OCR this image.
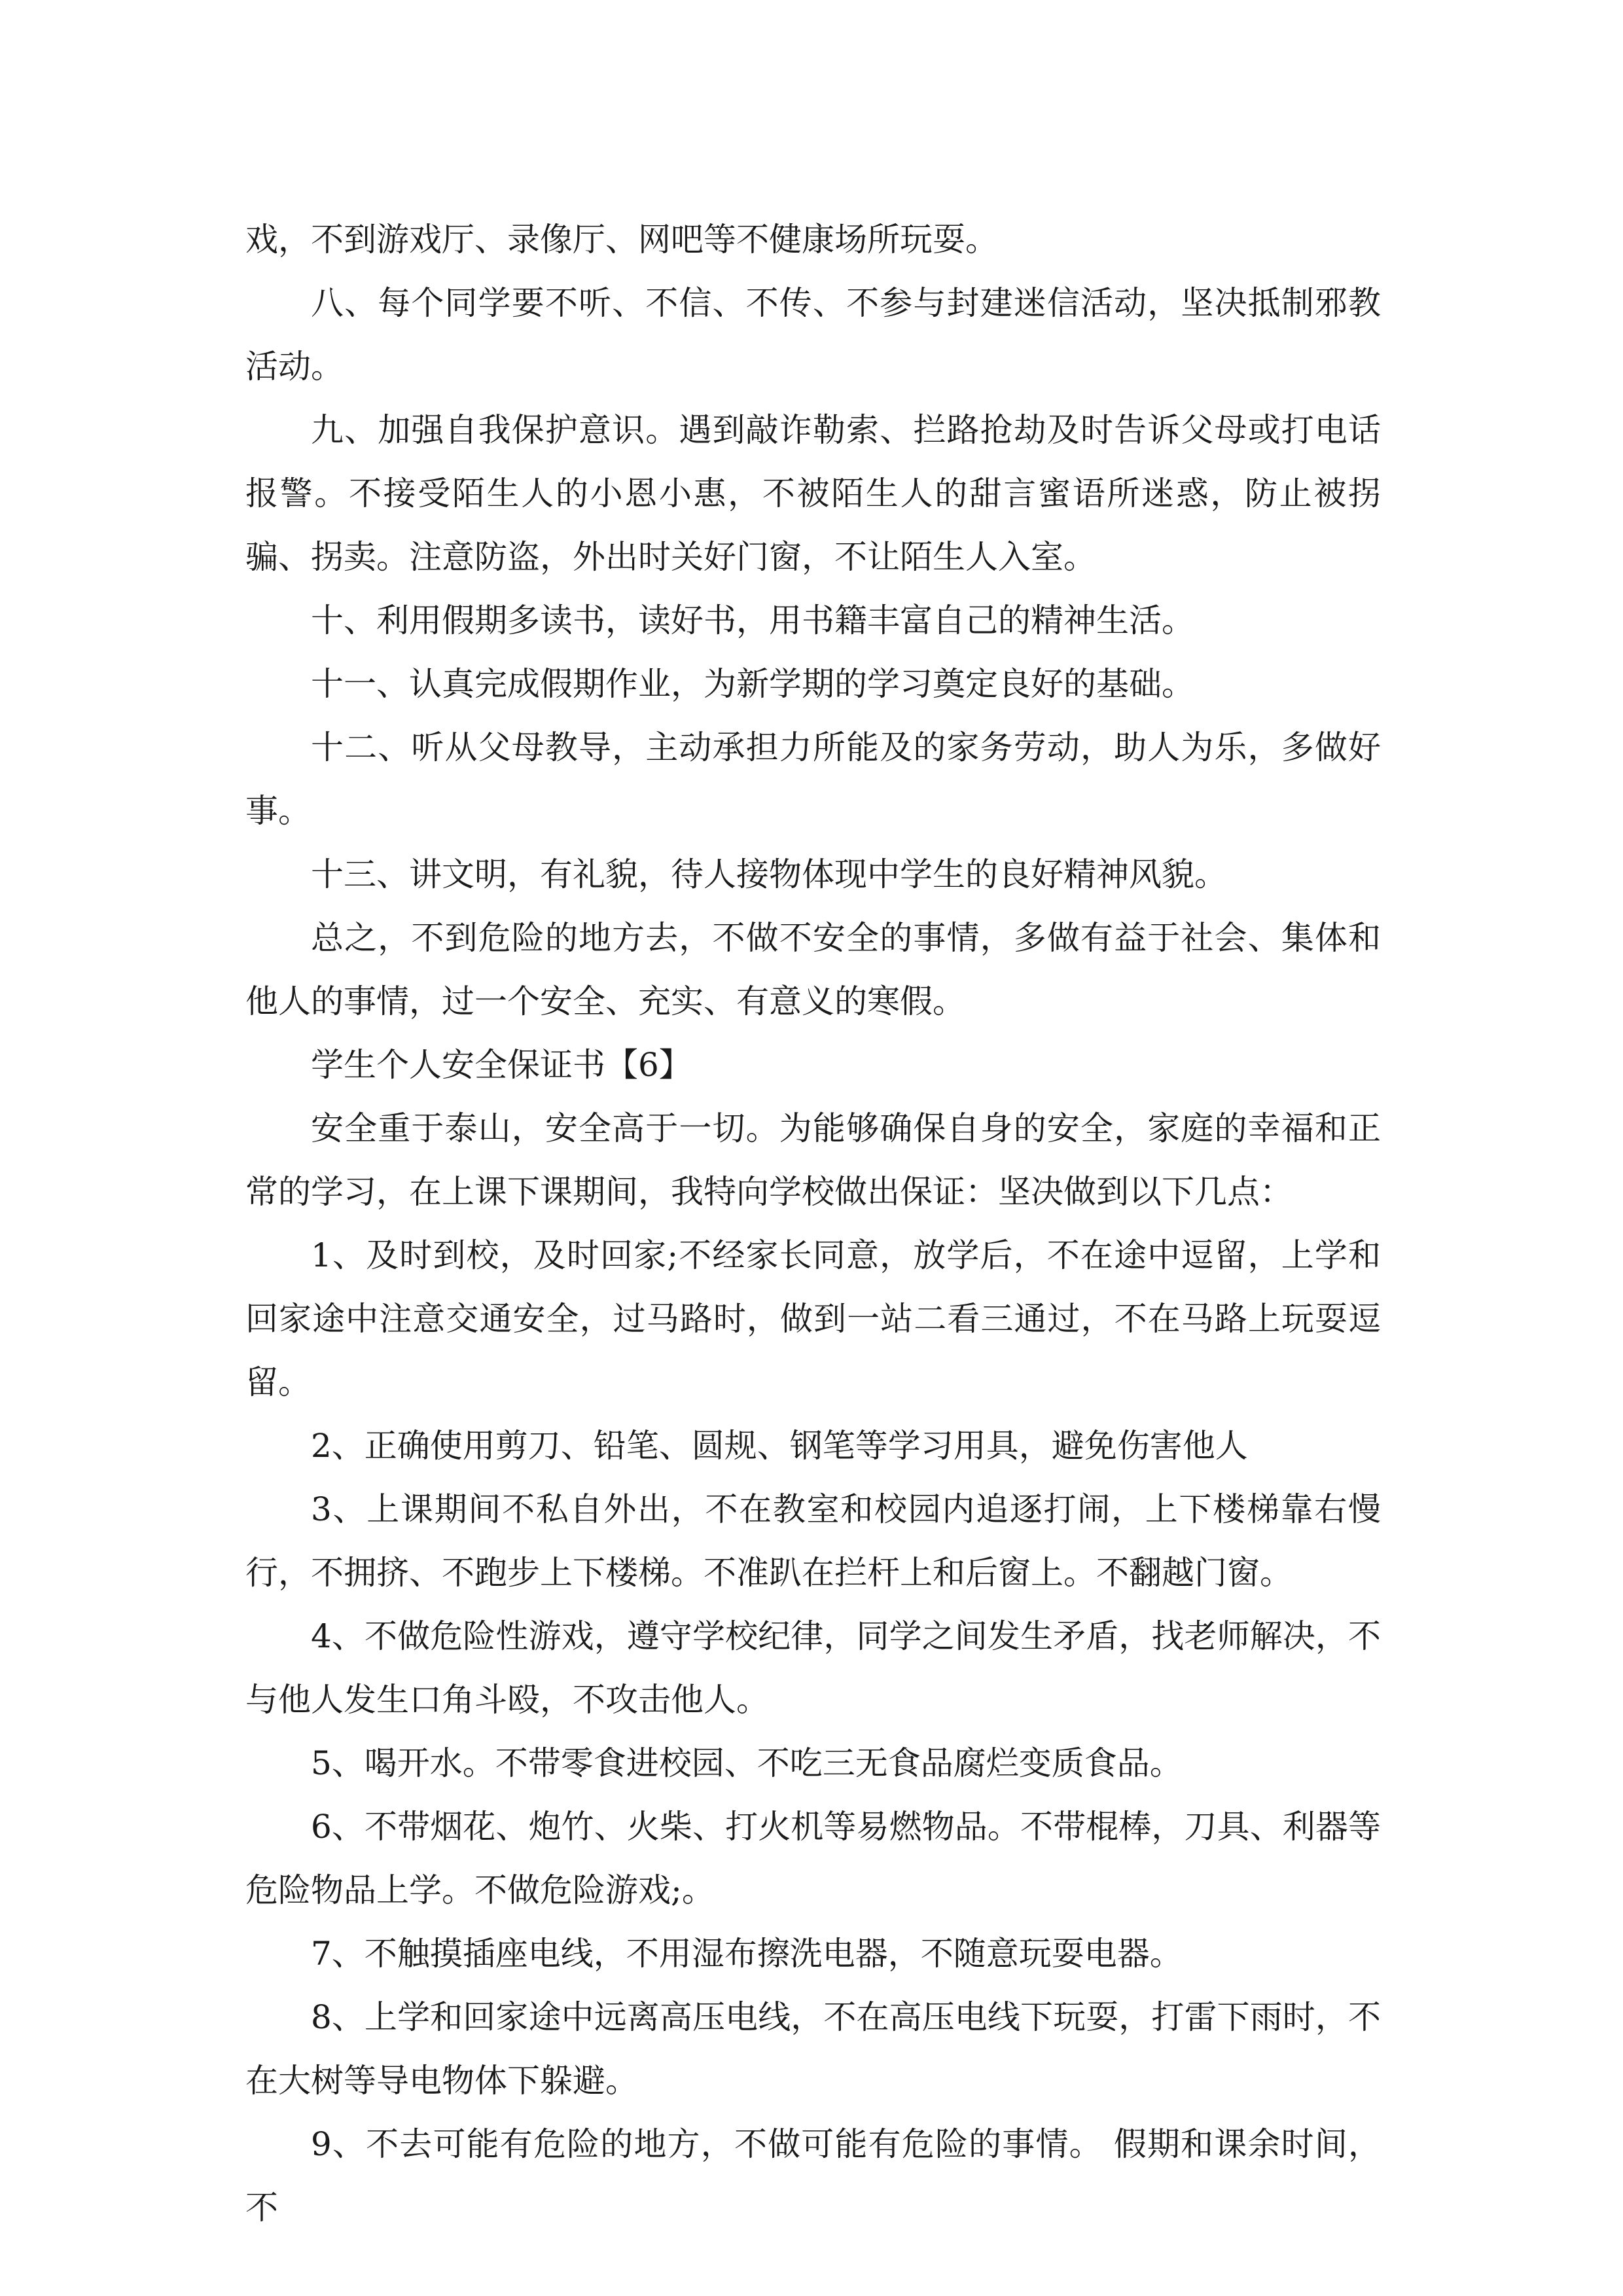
戏，不到游戏厅、录像厅、网吧等不健康场所玩耍。

八、每个同学要不听、不信、不传、不参与封建迷信活动，坚决抵制邪教活动。

九、加强自我保护意识。遇到敲诈勒索、拦路抢劫及时告诉父母或打电话报警。不接受陌生人的小恩小惠，不被陌生人的甜言蜜语所迷惑，防止被拐骗、拐卖。注意防盗，外出时关好门窗，不让陌生人入室。

十、利用假期多读书，读好书，用书籍丰富自己的精神生活。

十一、认真完成假期作业，为新学期的学习奠定良好的基础。

十二、听从父母教导，主动承担力所能及的家务劳动，助人为乐，多做好事。

十三、讲文明，有礼貌，待人接物体现中学生的良好精神风貌。

总之，不到危险的地方去，不做不安全的事情，多做有益于社会、集体和他人的事情，过一个安全、充实、有意义的寒假。

学生个人安全保证书【6】

安全重于泰山，安全高于一切。为能够确保自身的安全，家庭的幸福和正常的学习，在上课下课期间，我特向学校做出保证：坚决做到以下几点：

1、及时到校，及时回家;不经家长同意，放学后，不在途中逗留，上学和回家途中注意交通安全，过马路时，做到一站二看三通过，不在马路上玩耍逗留。

2、正确使用剪刀、铅笔、圆规、钢笔等学习用具，避免伤害他人

3、上课期间不私自外出，不在教室和校园内追逐打闹，上下楼梯靠右慢行，不拥挤、不跑步上下楼梯。不准趴在拦杆上和后窗上。不翻越门窗。

4、不做危险性游戏，遵守学校纪律，同学之间发生矛盾，找老师解决，不与他人发生口角斗殴，不攻击他人。

5、喝开水。不带零食进校园、不吃三无食品腐烂变质食品。

6、不带烟花、炮竹、火柴、打火机等易燃物品。不带棍棒，刀具、利器等危险物品上学。不做危险游戏;。

7、不触摸插座电线，不用湿布擦洗电器，不随意玩耍电器。

8、上学和回家途中远离高压电线，不在高压电线下玩耍，打雷下雨时，不在大树等导电物体下躲避。

9、不去可能有危险的地方，不做可能有危险的事情。 假期和课余时间，不
